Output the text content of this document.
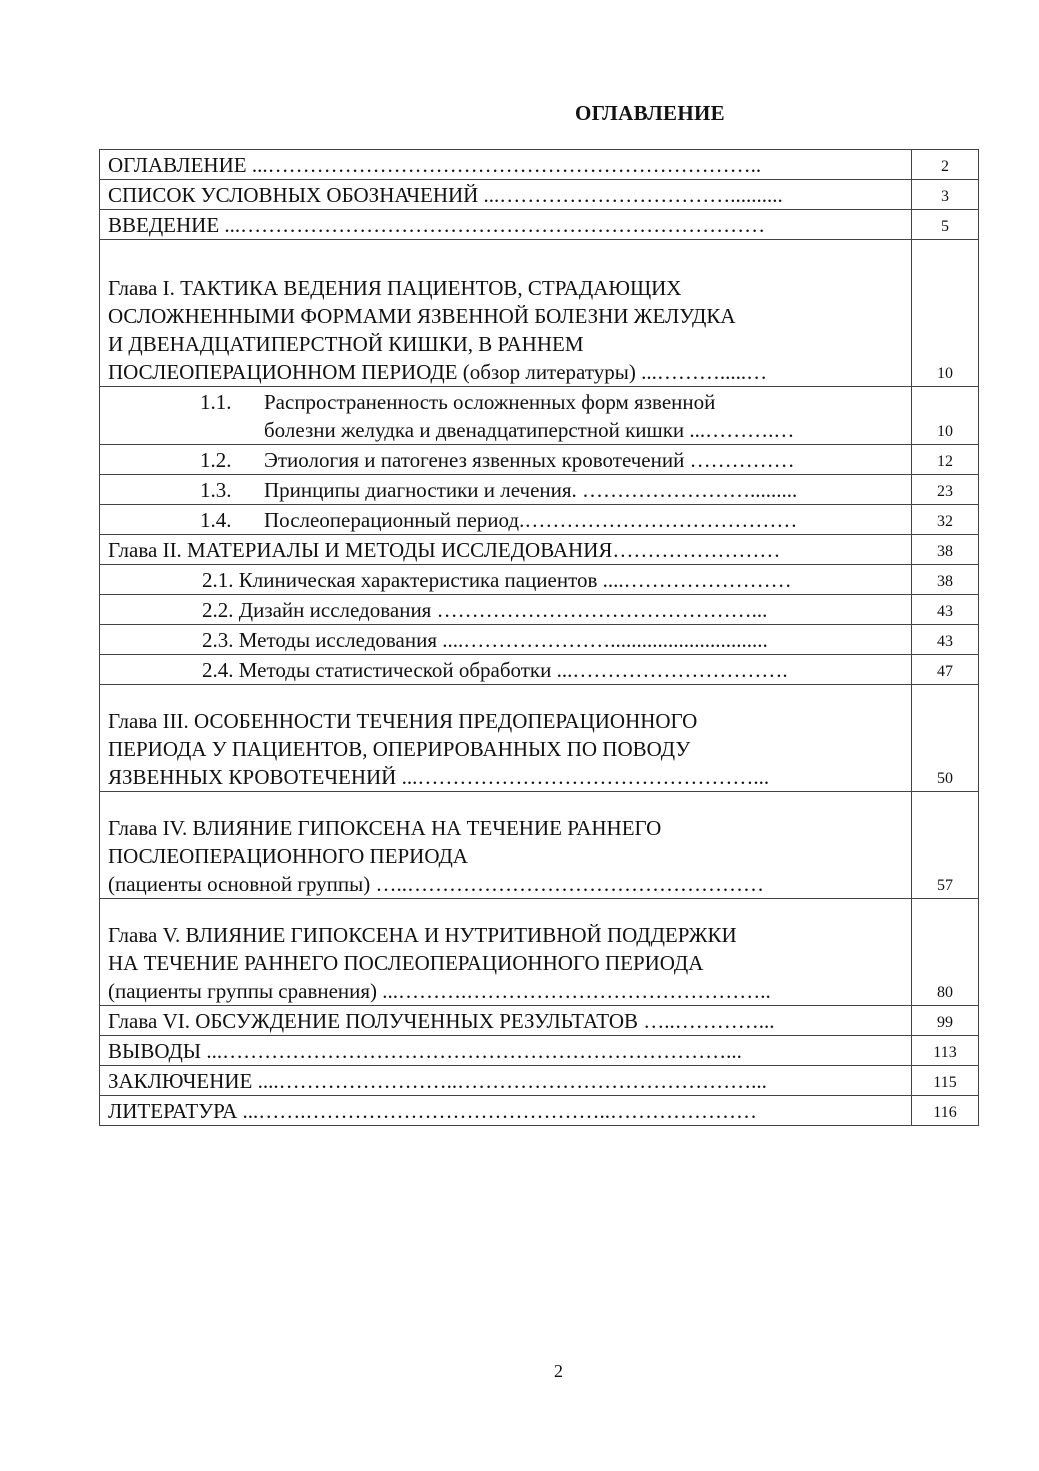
ОГЛАВЛЕНИЕ
ОГЛАВЛЕНИЕ ...……………………………………………………………..	2

СПИСОК УСЛОВНЫХ ОБОЗНАЧЕНИЙ ...……………………………..........	3

ВВЕДЕНИЕ ...…………………………………………………………………	5

Глава I. ТАКТИКА ВЕДЕНИЯ ПАЦИЕНТОВ, СТРАДАЮЩИХ
ОСЛОЖНЕННЫМИ ФОРМАМИ ЯЗВЕННОЙ БОЛЕЗНИ ЖЕЛУДКА
И ДВЕНАДЦАТИПЕРСТНОЙ КИШКИ, В РАННЕМ
ПОСЛЕОПЕРАЦИОННОМ ПЕРИОДЕ (обзор литературы) ...……….....…	10

1.1. Распространенность осложненных форм язвенной
болезни желудка и двенадцатиперстной кишки ...……….…	10

1.2. Этиология и патогенез язвенных кровотечений ……………	12

1.3. Принципы диагностики и лечения. …………………….........	23

1.4. Послеоперационный период.…………………………………	32

Глава II. МАТЕРИАЛЫ И МЕТОДЫ ИССЛЕДОВАНИЯ……………………	38

2.1. Клиническая характеристика пациентов ....……………………	38

2.2. Дизайн исследования ………………………………………...	43

2.3. Методы исследования ....…………………..............................	43

2.4. Методы статистической обработки ...………………………….	47

Глава III. ОСОБЕННОСТИ ТЕЧЕНИЯ ПРЕДОПЕРАЦИОННОГО
ПЕРИОДА У ПАЦИЕНТОВ, ОПЕРИРОВАННЫХ ПО ПОВОДУ
ЯЗВЕННЫХ КРОВОТЕЧЕНИЙ ...…………………………………………...	50

Глава IV. ВЛИЯНИЕ ГИПОКСЕНА НА ТЕЧЕНИЕ РАННЕГО
ПОСЛЕОПЕРАЦИОННОГО ПЕРИОДА
(пациенты основной группы) …..……………………………………………	57

Глава V. ВЛИЯНИЕ ГИПОКСЕНА И НУТРИТИВНОЙ ПОДДЕРЖКИ
НА ТЕЧЕНИЕ РАННЕГО ПОСЛЕОПЕРАЦИОННОГО ПЕРИОДА
(пациенты группы сравнения) ...……….……………………………………..	80

Глава VI. ОБСУЖДЕНИЕ ПОЛУЧЕННЫХ РЕЗУЛЬТАТОВ …..…………...	99

ВЫВОДЫ ...………………………………………………………………...	113

ЗАКЛЮЧЕНИЕ ....……………………..……………………………………...	115

ЛИТЕРАТУРА ...…….……………………………………..…………………	116
2
